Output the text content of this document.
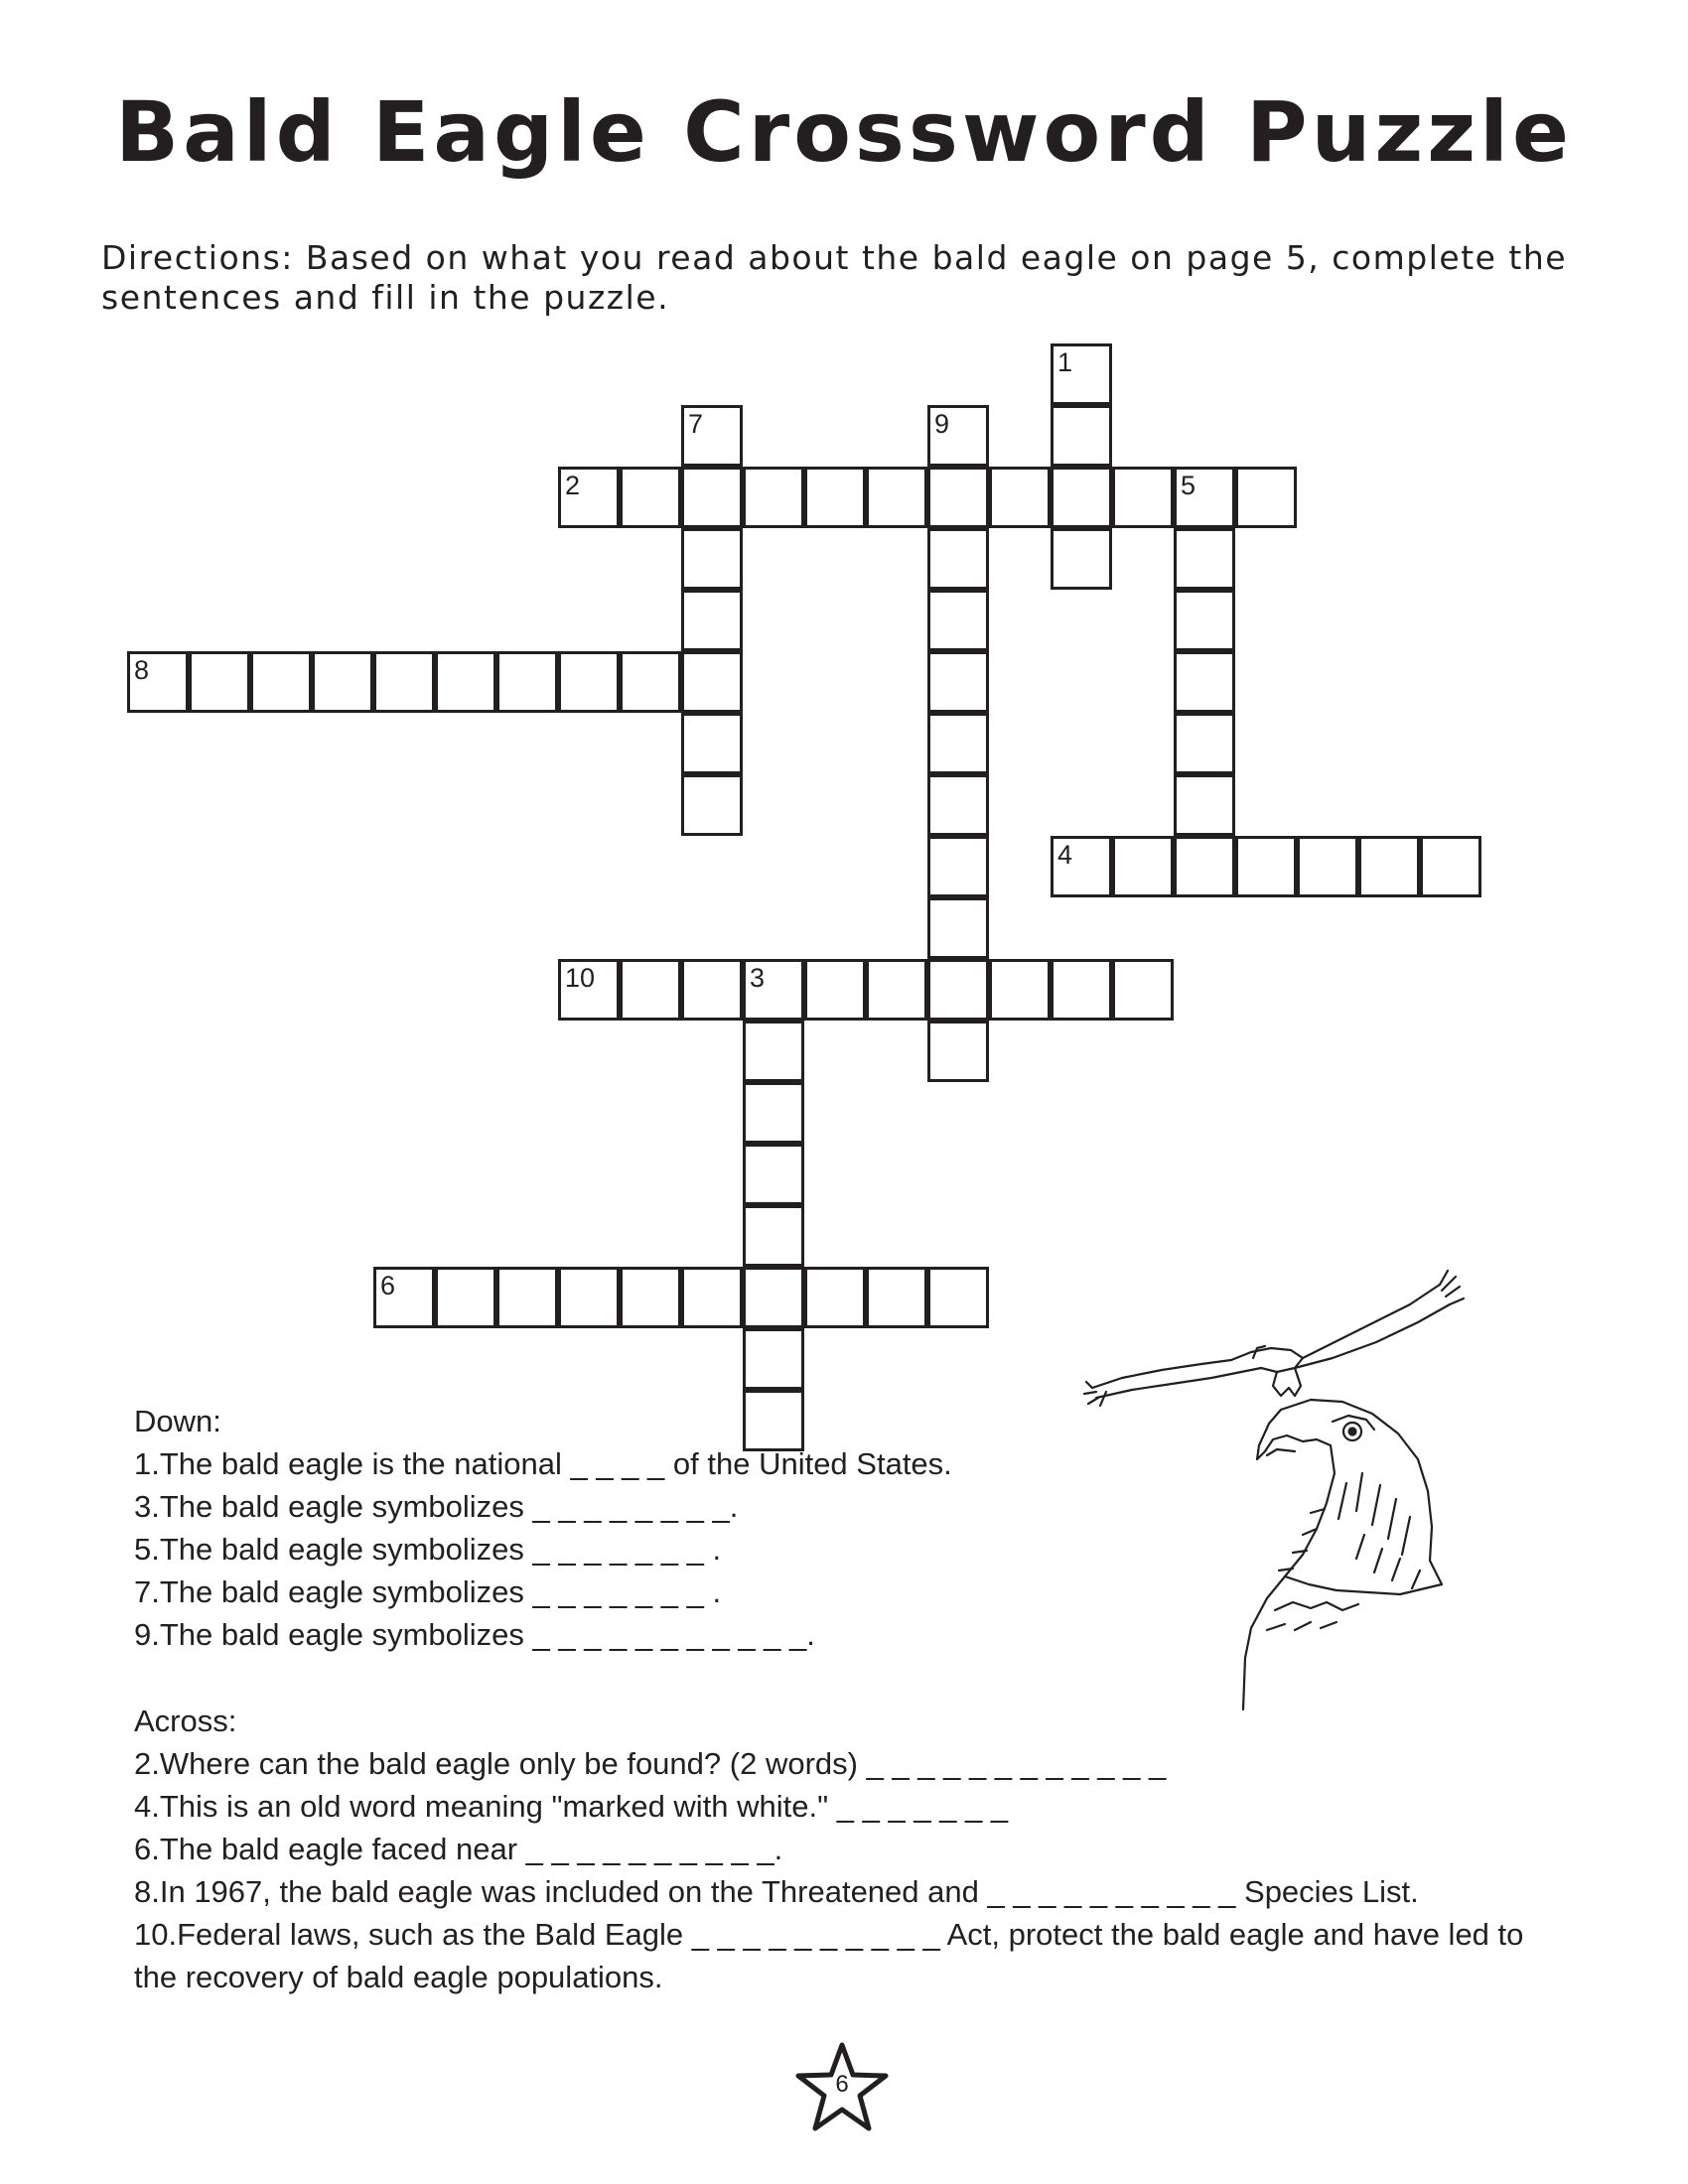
Bald Eagle Crossword Puzzle

Directions: Based on what you read about the bald eagle on page 5, complete the sentences and fill in the puzzle.

1
2	5
3
4
6
7
8
9
10
Down:
1.The bald eagle is the national _ _ _ _ of the United States.
3.The bald eagle symbolizes _ _ _ _ _ _ _ _.
5.The bald eagle symbolizes _ _ _ _ _ _ _ .
7.The bald eagle symbolizes _ _ _ _ _ _ _ .
9.The bald eagle symbolizes _ _ _ _ _ _ _ _ _ _ _.
Across:
2.Where can the bald eagle only be found? (2 words) _ _ _ _ _ _ _ _ _ _ _ _
4.This is an old word meaning "marked with white." _ _ _ _ _ _ _
6.The bald eagle faced near _ _ _ _ _ _ _ _ _ _.
8.In 1967, the bald eagle was included on the Threatened and _ _ _ _ _ _ _ _ _ _ Species List.
10.Federal laws, such as the Bald Eagle _ _ _ _ _ _ _ _ _ _ Act, protect the bald eagle and have led to the recovery of bald eagle populations.
6
